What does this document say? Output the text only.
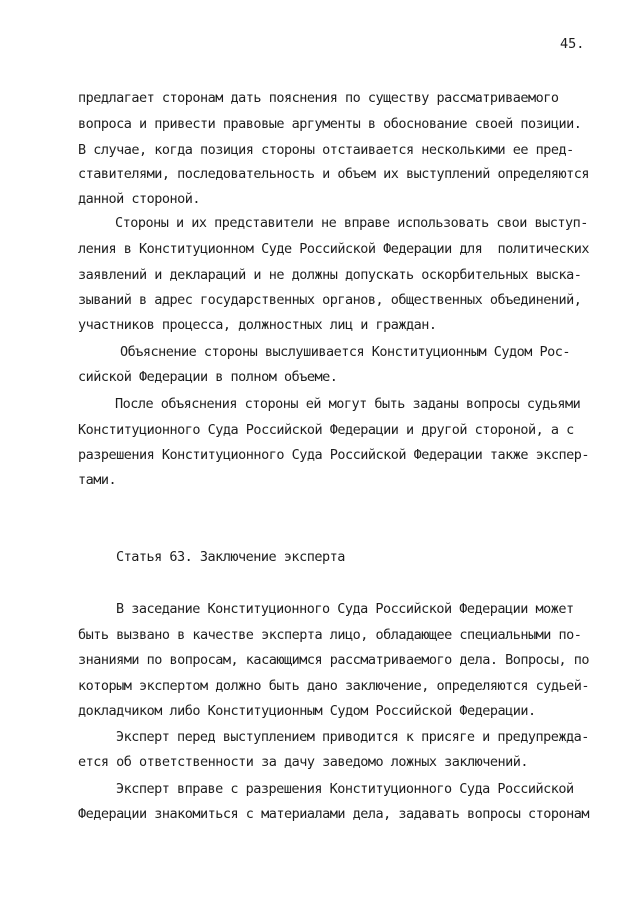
45.
предлагает сторонам дать пояснения по существу рассматриваемого
вопроса и привести правовые аргументы в обоснование своей позиции.
В случае, когда позиция стороны отстаивается несколькими ее пред-
ставителями, последовательность и объем их выступлений определяются
данной стороной.
Стороны и их представители не вправе использовать свои выступ-
ления в Конституционном Суде Российской Федерации для  политических
заявлений и деклараций и не должны допускать оскорбительных выска-
зываний в адрес государственных органов, общественных объединений,
участников процесса, должностных лиц и граждан.
Объяснение стороны выслушивается Конституционным Судом Рос-
сийской Федерации в полном объеме.
После объяснения стороны ей могут быть заданы вопросы судьями
Конституционного Суда Российской Федерации и другой стороной, а с
разрешения Конституционного Суда Российской Федерации также экспер-
тами.
Статья 63. Заключение эксперта
В заседание Конституционного Суда Российской Федерации может
быть вызвано в качестве эксперта лицо, обладающее специальными по-
знаниями по вопросам, касающимся рассматриваемого дела. Вопросы, по
которым экспертом должно быть дано заключение, определяются судьей-
докладчиком либо Конституционным Судом Российской Федерации.
Эксперт перед выступлением приводится к присяге и предупрежда-
ется об ответственности за дачу заведомо ложных заключений.
Эксперт вправе с разрешения Конституционного Суда Российской
Федерации знакомиться с материалами дела, задавать вопросы сторонам
